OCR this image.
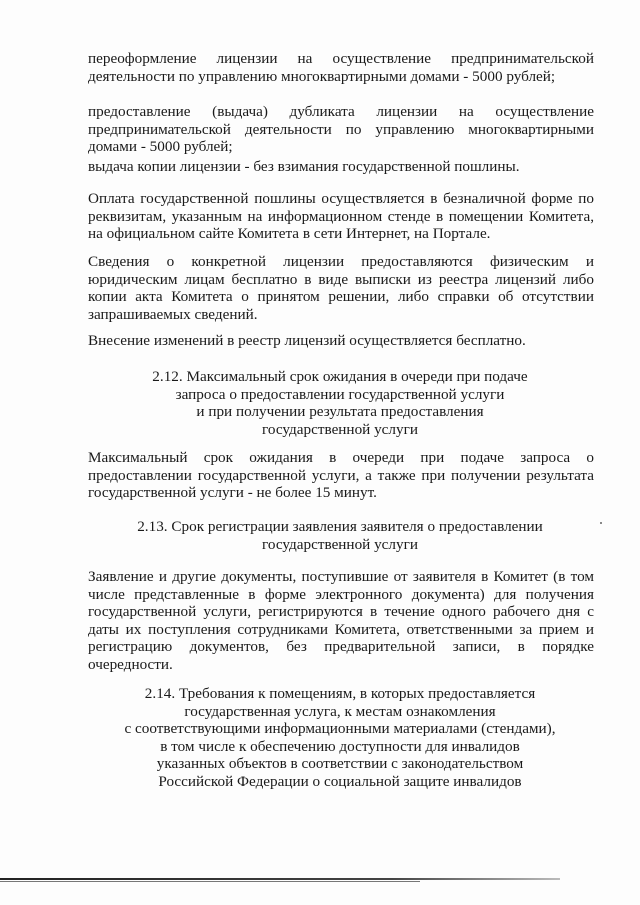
переоформление лицензии на осуществление предпринимательской деятельности по управлению многоквартирными домами - 5000 рублей;

предоставление (выдача) дубликата лицензии на осуществление предпринимательской деятельности по управлению многоквартирными домами - 5000 рублей;

выдача копии лицензии - без взимания государственной пошлины.

Оплата государственной пошлины осуществляется в безналичной форме по реквизитам, указанным на информационном стенде в помещении Комитета, на официальном сайте Комитета в сети Интернет, на Портале.

Сведения о конкретной лицензии предоставляются физическим и юридическим лицам бесплатно в виде выписки из реестра лицензий либо копии акта Комитета о принятом решении, либо справки об отсутствии запрашиваемых сведений.

Внесение изменений в реестр лицензий осуществляется бесплатно.

2.12. Максимальный срок ожидания в очереди при подаче
запроса о предоставлении государственной услуги
и при получении результата предоставления
государственной услуги

Максимальный срок ожидания в очереди при подаче запроса о предоставлении государственной услуги, а также при получении результата государственной услуги - не более 15 минут.

2.13. Срок регистрации заявления заявителя о предоставлении
государственной услуги

Заявление и другие документы, поступившие от заявителя в Комитет (в том числе представленные в форме электронного документа) для получения государственной услуги, регистрируются в течение одного рабочего дня с даты их поступления сотрудниками Комитета, ответственными за прием и регистрацию документов, без предварительной записи, в порядке очередности.

2.14. Требования к помещениям, в которых предоставляется
государственная услуга, к местам ознакомления
с соответствующими информационными материалами (стендами),
в том числе к обеспечению доступности для инвалидов
указанных объектов в соответствии с законодательством
Российской Федерации о социальной защите инвалидов
